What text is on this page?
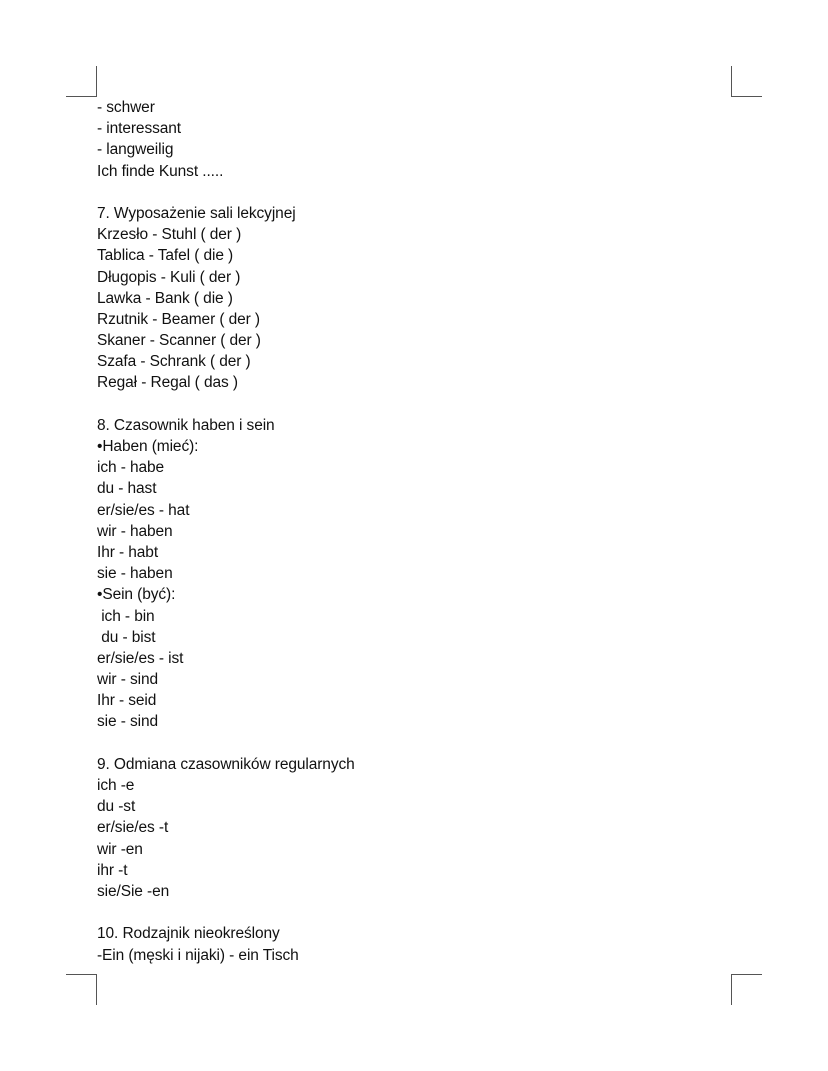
- schwer
- interessant
- langweilig
Ich finde Kunst .....
7. Wyposażenie sali lekcyjnej
Krzesło - Stuhl ( der )
Tablica - Tafel ( die )
Długopis - Kuli ( der )
Lawka - Bank ( die )
Rzutnik - Beamer ( der )
Skaner - Scanner ( der )
Szafa - Schrank ( der )
Regał - Regal ( das )
8. Czasownik haben i sein
•Haben (mieć):
ich - habe
du - hast
er/sie/es - hat
wir - haben
Ihr - habt
sie - haben
•Sein (być):
ich - bin
du - bist
er/sie/es - ist
wir - sind
Ihr - seid
sie - sind
9. Odmiana czasowników regularnych
ich -e
du -st
er/sie/es -t
wir -en
ihr -t
sie/Sie -en
10. Rodzajnik nieokreślony
-Ein (męski i nijaki) - ein Tisch
